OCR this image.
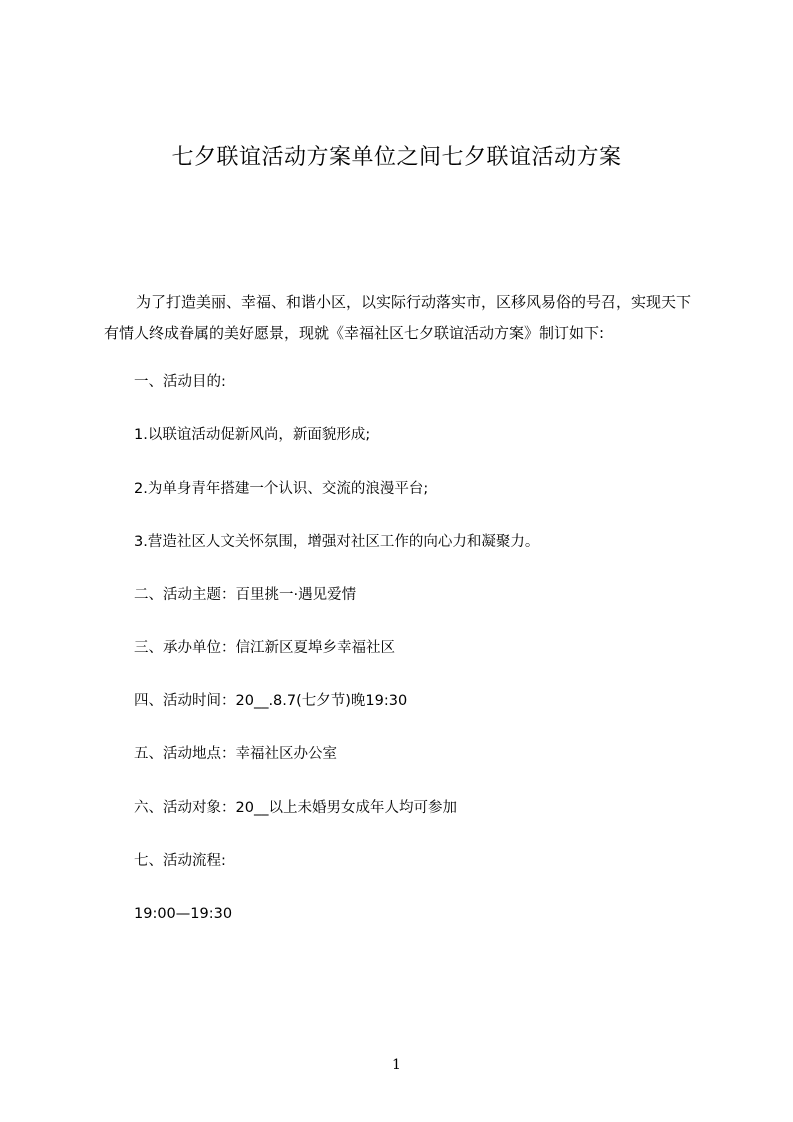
七夕联谊活动方案单位之间七夕联谊活动方案

为了打造美丽、幸福、和谐小区，以实际行动落实市，区移风易俗的号召，实现天下有情人终成眷属的美好愿景，现就《幸福社区七夕联谊活动方案》制订如下:

一、活动目的:

1.以联谊活动促新风尚，新面貌形成;

2.为单身青年搭建一个认识、交流的浪漫平台;

3.营造社区人文关怀氛围，增强对社区工作的向心力和凝聚力。

二、活动主题：百里挑一·遇见爱情

三、承办单位：信江新区夏埠乡幸福社区

四、活动时间：20__.8.7(七夕节)晚19:30

五、活动地点：幸福社区办公室

六、活动对象：20__以上未婚男女成年人均可参加

七、活动流程:

19:00—19:30

1
